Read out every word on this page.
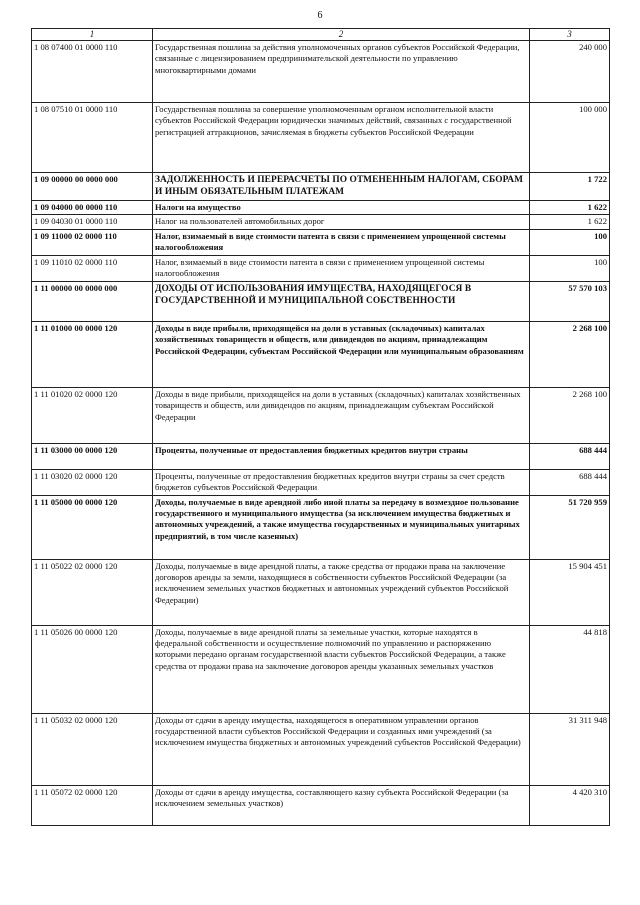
6
1	2	3
1 08 07400 01 0000 110	Государственная пошлина за действия уполномоченных органов субъектов Российской Федерации, связанные с лицензированием предпринимательской деятельности по управлению многоквартирными домами	240 000
1 08 07510 01 0000 110	Государственная пошлина за совершение уполномоченным органом исполнительной власти субъектов Российской Федерации юридически значимых действий, связанных с государственной регистрацией аттракционов, зачисляемая в бюджеты субъектов Российской Федерации	100 000
1 09 00000 00 0000 000	ЗАДОЛЖЕННОСТЬ И ПЕРЕРАСЧЕТЫ ПО ОТМЕНЕННЫМ НАЛОГАМ, СБОРАМ И ИНЫМ ОБЯЗАТЕЛЬНЫМ ПЛАТЕЖАМ	1 722
1 09 04000 00 0000 110	Налоги на имущество	1 622
1 09 04030 01 0000 110	Налог на пользователей автомобильных дорог	1 622
1 09 11000 02 0000 110	Налог, взимаемый в виде стоимости патента в связи с применением упрощенной системы налогообложения	100
1 09 11010 02 0000 110	Налог, взимаемый в виде стоимости патента в связи с применением упрощенной системы налогообложения	100
1 11 00000 00 0000 000	ДОХОДЫ ОТ ИСПОЛЬЗОВАНИЯ ИМУЩЕСТВА, НАХОДЯЩЕГОСЯ В ГОСУДАРСТВЕННОЙ И МУНИЦИПАЛЬНОЙ СОБСТВЕННОСТИ	57 570 103
1 11 01000 00 0000 120	Доходы в виде прибыли, приходящейся на доли в уставных (складочных) капиталах хозяйственных товариществ и обществ, или дивидендов по акциям, принадлежащим Российской Федерации, субъектам Российской Федерации или муниципальным образованиям	2 268 100
1 11 01020 02 0000 120	Доходы в виде прибыли, приходящейся на доли в уставных (складочных) капиталах хозяйственных товариществ и обществ, или дивидендов по акциям, принадлежащим субъектам Российской Федерации	2 268 100
1 11 03000 00 0000 120	Проценты, полученные от предоставления бюджетных кредитов внутри страны	688 444
1 11 03020 02 0000 120	Проценты, полученные от предоставления бюджетных кредитов внутри страны за счет средств бюджетов субъектов Российской Федерации	688 444
1 11 05000 00 0000 120	Доходы, получаемые в виде арендной либо иной платы за передачу в возмездное пользование государственного и муниципального имущества (за исключением имущества бюджетных и автономных учреждений, а также имущества государственных и муниципальных унитарных предприятий, в том числе казенных)	51 720 959
1 11 05022 02 0000 120	Доходы, получаемые в виде арендной платы, а также средства от продажи права на заключение договоров аренды за земли, находящиеся в собственности субъектов Российской Федерации (за исключением земельных участков бюджетных и автономных учреждений субъектов Российской Федерации)	15 904 451
1 11 05026 00 0000 120	Доходы, получаемые в виде арендной платы за земельные участки, которые находятся в федеральной собственности и осуществление полномочий по управлению и распоряжению которыми передано органам государственной власти субъектов Российской Федерации, а также средства от продажи права на заключение договоров аренды указанных земельных участков	44 818
1 11 05032 02 0000 120	Доходы от сдачи в аренду имущества, находящегося в оперативном управлении органов государственной власти субъектов Российской Федерации и созданных ими учреждений (за исключением имущества бюджетных и автономных учреждений субъектов Российской Федерации)	31 311 948
1 11 05072 02 0000 120	Доходы от сдачи в аренду имущества, составляющего казну субъекта Российской Федерации (за исключением земельных участков)	4 420 310
